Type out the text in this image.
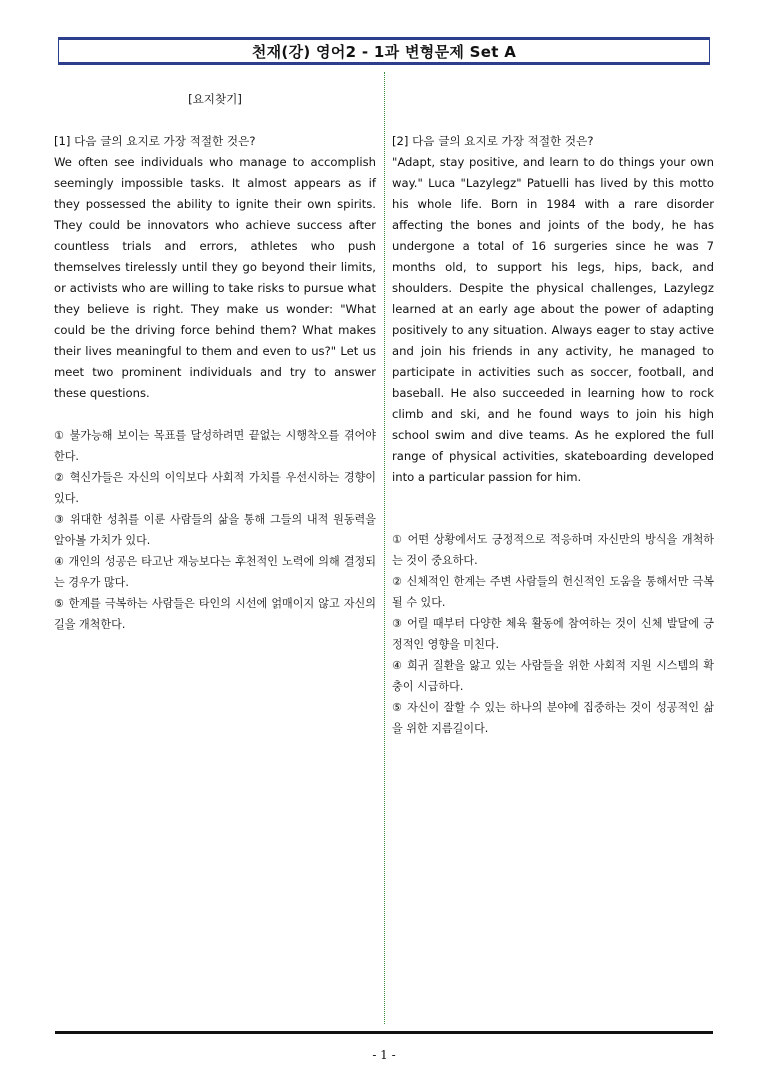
천재(강) 영어2 - 1과 변형문제 Set A
[요지찾기]
[1] 다음 글의 요지로 가장 적절한 것은?
We often see individuals who manage to accomplish seemingly impossible tasks. It almost appears as if they possessed the ability to ignite their own spirits. They could be innovators who achieve success after countless trials and errors, athletes who push themselves tirelessly until they go beyond their limits, or activists who are willing to take risks to pursue what they believe is right. They make us wonder: "What could be the driving force behind them? What makes their lives meaningful to them and even to us?" Let us meet two prominent individuals and try to answer these questions.
① 불가능해 보이는 목표를 달성하려면 끝없는 시행착오를 겪어야 한다.
② 혁신가들은 자신의 이익보다 사회적 가치를 우선시하는 경향이 있다.
③ 위대한 성취를 이룬 사람들의 삶을 통해 그들의 내적 원동력을 알아볼 가치가 있다.
④ 개인의 성공은 타고난 재능보다는 후천적인 노력에 의해 결정되는 경우가 많다.
⑤ 한계를 극복하는 사람들은 타인의 시선에 얽매이지 않고 자신의 길을 개척한다.
[2] 다음 글의 요지로 가장 적절한 것은?
"Adapt, stay positive, and learn to do things your own way." Luca "Lazylegz" Patuelli has lived by this motto his whole life. Born in 1984 with a rare disorder affecting the bones and joints of the body, he has undergone a total of 16 surgeries since he was 7 months old, to support his legs, hips, back, and shoulders. Despite the physical challenges, Lazylegz learned at an early age about the power of adapting positively to any situation. Always eager to stay active and join his friends in any activity, he managed to participate in activities such as soccer, football, and baseball. He also succeeded in learning how to rock climb and ski, and he found ways to join his high school swim and dive teams. As he explored the full range of physical activities, skateboarding developed into a particular passion for him.
① 어떤 상황에서도 긍정적으로 적응하며 자신만의 방식을 개척하는 것이 중요하다.
② 신체적인 한계는 주변 사람들의 헌신적인 도움을 통해서만 극복될 수 있다.
③ 어릴 때부터 다양한 체육 활동에 참여하는 것이 신체 발달에 긍정적인 영향을 미친다.
④ 희귀 질환을 앓고 있는 사람들을 위한 사회적 지원 시스템의 확충이 시급하다.
⑤ 자신이 잘할 수 있는 하나의 분야에 집중하는 것이 성공적인 삶을 위한 지름길이다.
- 1 -
